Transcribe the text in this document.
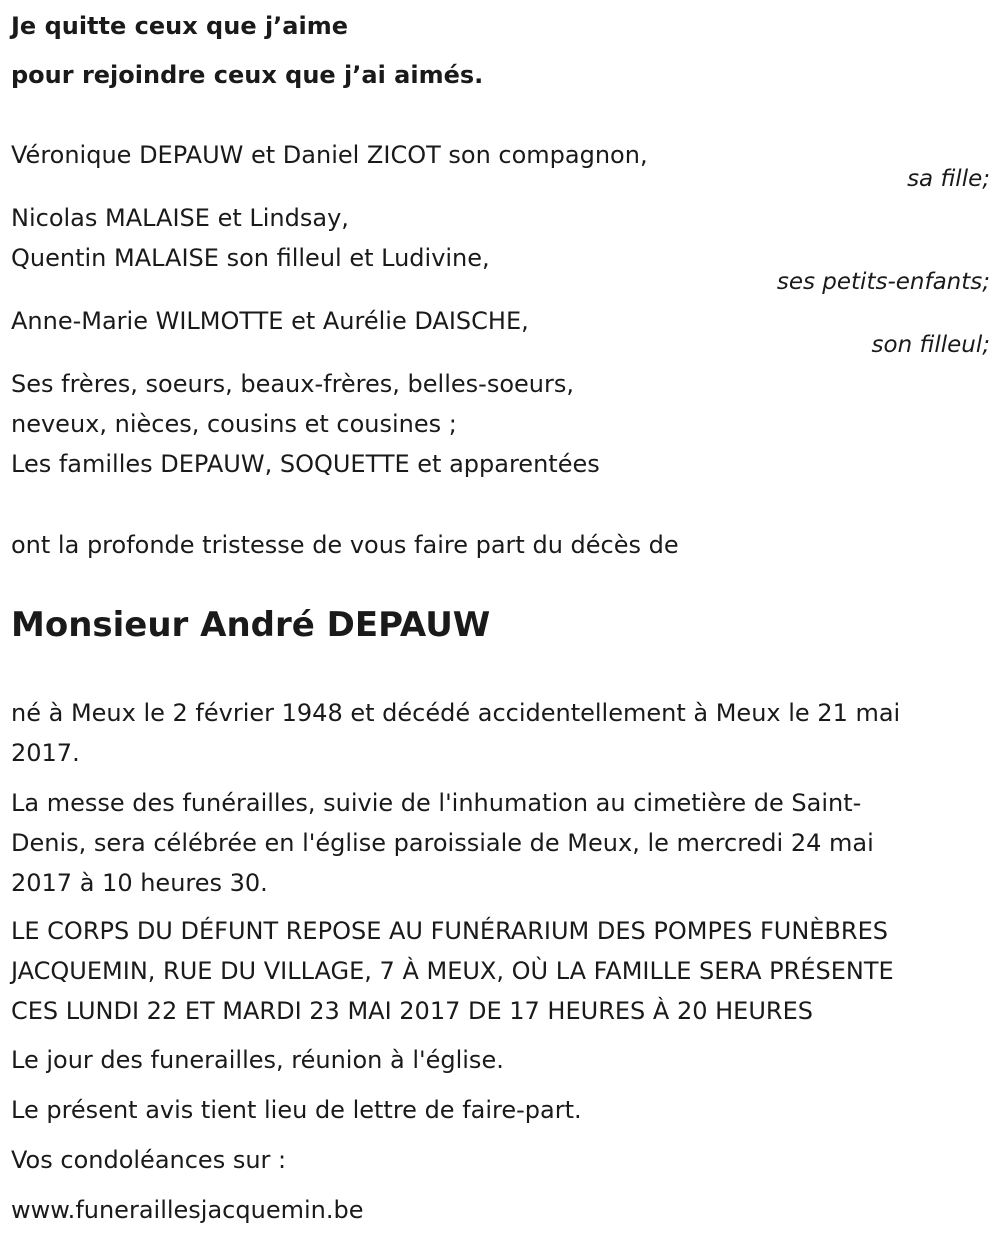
Je quitte ceux que j’aime

pour rejoindre ceux que j’ai aimés.

Véronique DEPAUW et Daniel ZICOT son compagnon,

sa fille;

Nicolas MALAISE et Lindsay,

Quentin MALAISE son filleul et Ludivine,

ses petits-enfants;

Anne-Marie WILMOTTE et Aurélie DAISCHE,

son filleul;

Ses frères, soeurs, beaux-frères, belles-soeurs,

neveux, nièces, cousins et cousines ;

Les familles DEPAUW, SOQUETTE et apparentées

ont la profonde tristesse de vous faire part du décès de

Monsieur André DEPAUW

né à Meux le 2 février 1948 et décédé accidentellement à Meux le 21 mai

2017.

La messe des funérailles, suivie de l'inhumation au cimetière de Saint-

Denis, sera célébrée en l'église paroissiale de Meux, le mercredi 24 mai

2017 à 10 heures 30.

LE CORPS DU DÉFUNT REPOSE AU FUNÉRARIUM DES POMPES FUNÈBRES

JACQUEMIN, RUE DU VILLAGE, 7 À MEUX, OÙ LA FAMILLE SERA PRÉSENTE

CES LUNDI 22 ET MARDI 23 MAI 2017 DE 17 HEURES À 20 HEURES

Le jour des funerailles, réunion à l'église.

Le présent avis tient lieu de lettre de faire-part.

Vos condoléances sur :

www.funeraillesjacquemin.be
